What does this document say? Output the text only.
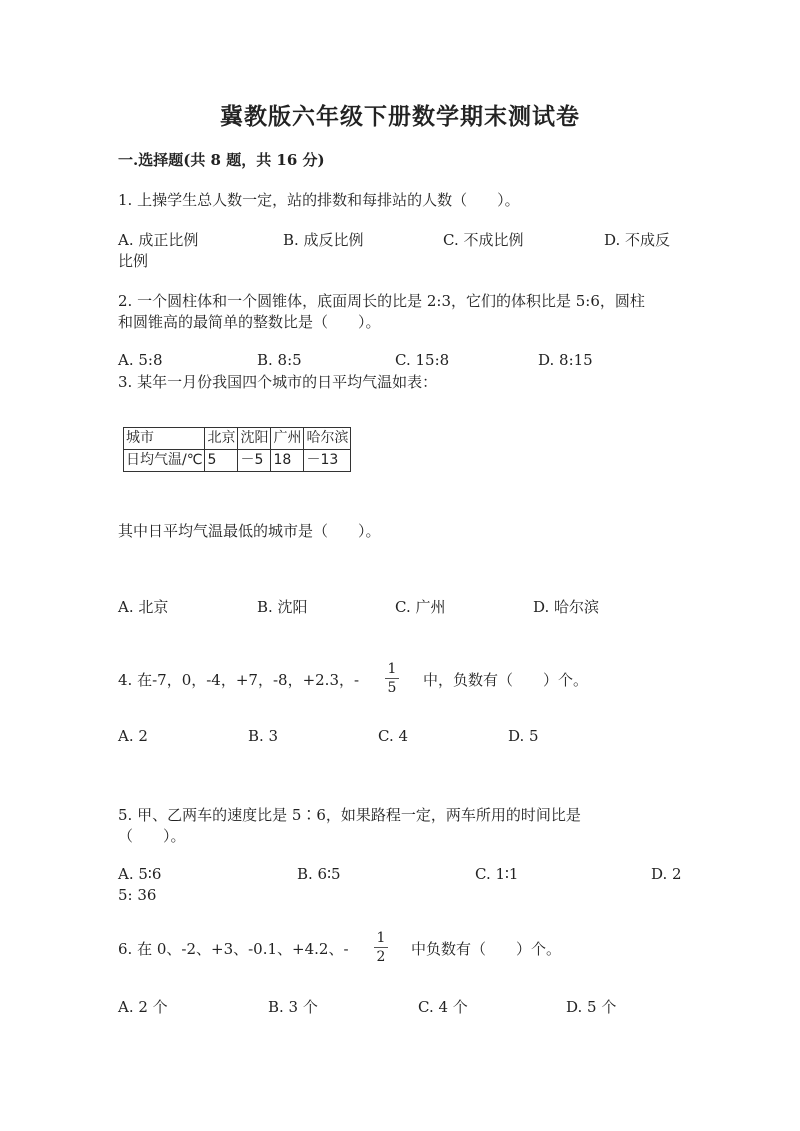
冀教版六年级下册数学期末测试卷
一.选择题(共 8 题，共 16 分)
1. 上操学生总人数一定，站的排数和每排站的人数（　　）。
A. 成正比例	B. 成反比例	C. 不成比例	D. 不成反
比例
2. 一个圆柱体和一个圆锥体，底面周长的比是 2:3，它们的体积比是 5:6，圆柱
和圆锥高的最简单的整数比是（　　）。
A. 5:8	B. 8:5	C. 15:8	D. 8:15
3. 某年一月份我国四个城市的日平均气温如表：
城市	北京	沈阳	广州	哈尔滨
日均气温/℃	5	－5	18	－13
其中日平均气温最低的城市是（　　）。
A. 北京	B. 沈阳	C. 广州	D. 哈尔滨
4. 在-7，0，-4，+7，-8，+2.3，- $\frac{1}{5}$ 中，负数有（　　）个。
A. 2	B. 3	C. 4	D. 5
5. 甲、乙两车的速度比是 5∶6，如果路程一定，两车所用的时间比是
（　　）。
A. 5∶6	B. 6∶5	C. 1∶1	D. 2
5: 36
6. 在 0、-2、+3、-0.1、+4.2、- $\frac{1}{2}$ 中负数有（　　）个。
A. 2 个	B. 3 个	C. 4 个	D. 5 个
